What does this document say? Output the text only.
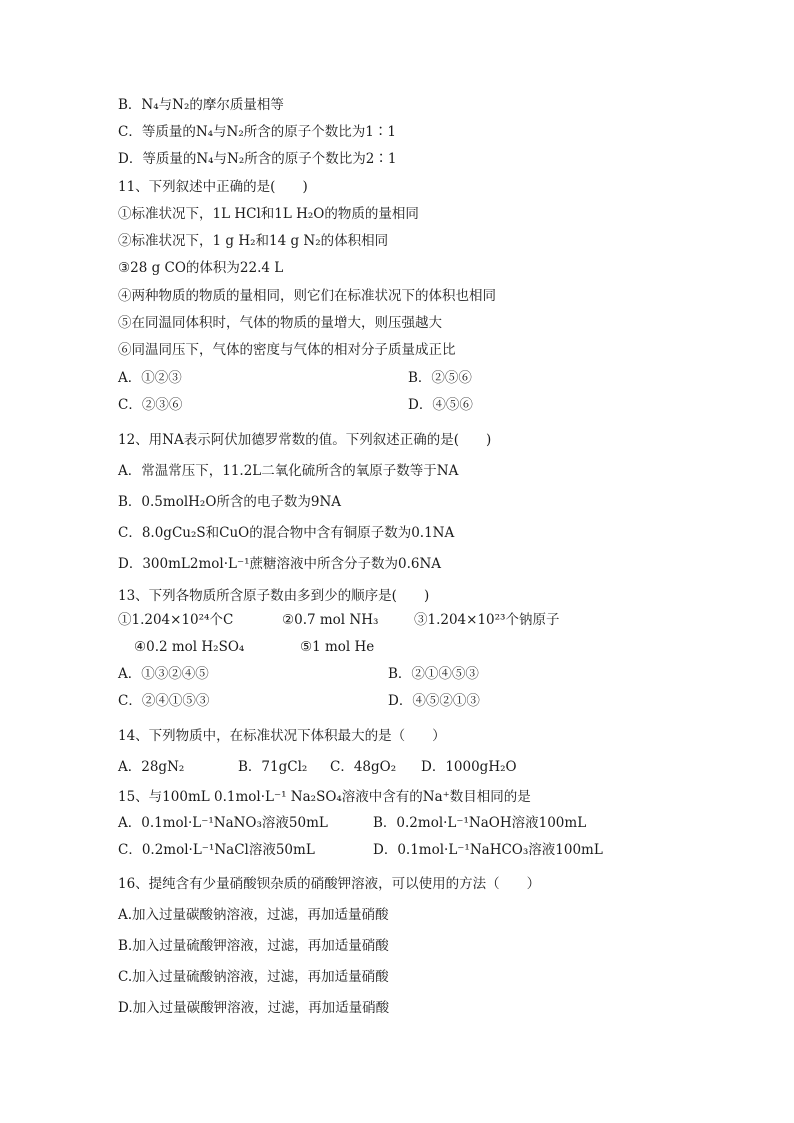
B．N₄与N₂的摩尔质量相等
C．等质量的N₄与N₂所含的原子个数比为1∶1
D．等质量的N₄与N₂所含的原子个数比为2∶1
11、下列叙述中正确的是(　　)
①标准状况下，1L HCl和1L H₂O的物质的量相同
②标准状况下，1 g H₂和14 g N₂的体积相同
③28 g CO的体积为22.4 L
④两种物质的物质的量相同，则它们在标准状况下的体积也相同
⑤在同温同体积时，气体的物质的量增大，则压强越大
⑥同温同压下，气体的密度与气体的相对分子质量成正比
A．①②③	B．②⑤⑥
C．②③⑥	D．④⑤⑥
12、用NA表示阿伏加德罗常数的值。下列叙述正确的是(　　)
A．常温常压下，11.2L二氧化硫所含的氧原子数等于NA
B．0.5molH₂O所含的电子数为9NA
C．8.0gCu₂S和CuO的混合物中含有铜原子数为0.1NA
D．300mL2mol·L⁻¹蔗糖溶液中所含分子数为0.6NA
13、下列各物质所含原子数由多到少的顺序是(　　)
①1.204×10²⁴个C	②0.7 mol NH₃	③1.204×10²³个钠原子
④0.2 mol H₂SO₄	⑤1 mol He
A．①③②④⑤	B．②①④⑤③
C．②④①⑤③	D．④⑤②①③
14、下列物质中，在标准状况下体积最大的是（　　）
A．28gN₂	B．71gCl₂ C．48gO₂ D．1000gH₂O
15、与100mL 0.1mol·L⁻¹ Na₂SO₄溶液中含有的Na⁺数目相同的是
A．0.1mol·L⁻¹NaNO₃溶液50mL	B．0.2mol·L⁻¹NaOH溶液100mL
C．0.2mol·L⁻¹NaCl溶液50mL	D．0.1mol·L⁻¹NaHCO₃溶液100mL
16、提纯含有少量硝酸钡杂质的硝酸钾溶液，可以使用的方法（　　）
A.加入过量碳酸钠溶液，过滤，再加适量硝酸
B.加入过量硫酸钾溶液，过滤，再加适量硝酸
C.加入过量硫酸钠溶液，过滤，再加适量硝酸
D.加入过量碳酸钾溶液，过滤，再加适量硝酸
